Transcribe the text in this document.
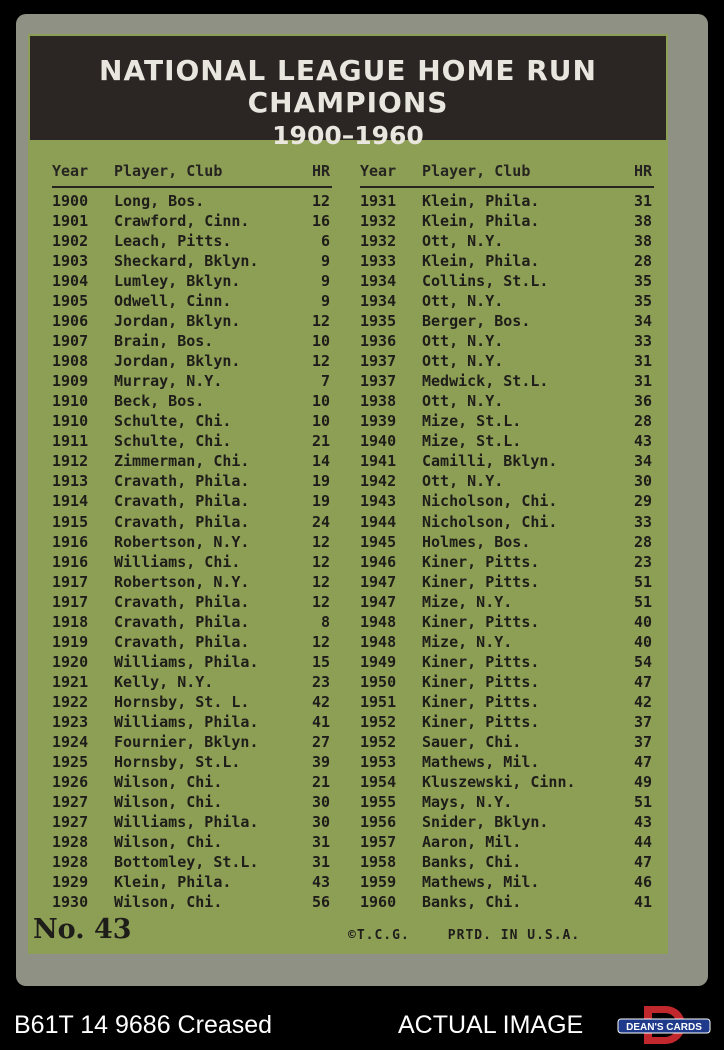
NATIONAL LEAGUE HOME RUN CHAMPIONS
1900–1960
Year Player, Club	HR
1900 Long, Bos.	12
1901 Crawford, Cinn.	16
1902 Leach, Pitts.	6
1903 Sheckard, Bklyn.	9
1904 Lumley, Bklyn.	9
1905 Odwell, Cinn.	9
1906 Jordan, Bklyn.	12
1907 Brain, Bos.	10
1908 Jordan, Bklyn.	12
1909 Murray, N.Y.	7
1910 Beck, Bos.	10
1910 Schulte, Chi.	10
1911 Schulte, Chi.	21
1912 Zimmerman, Chi.	14
1913 Cravath, Phila.	19
1914 Cravath, Phila.	19
1915 Cravath, Phila.	24
1916 Robertson, N.Y.	12
1916 Williams, Chi.	12
1917 Robertson, N.Y.	12
1917 Cravath, Phila.	12
1918 Cravath, Phila.	8
1919 Cravath, Phila.	12
1920 Williams, Phila.	15
1921 Kelly, N.Y.	23
1922 Hornsby, St. L.	42
1923 Williams, Phila.	41
1924 Fournier, Bklyn.	27
1925 Hornsby, St.L.	39
1926 Wilson, Chi.	21
1927 Wilson, Chi.	30
1927 Williams, Phila.	30
1928 Wilson, Chi.	31
1928 Bottomley, St.L.	31
1929 Klein, Phila.	43
1930 Wilson, Chi.	56
Year Player, Club	HR
1931 Klein, Phila.	31
1932 Klein, Phila.	38
1932 Ott, N.Y.	38
1933 Klein, Phila.	28
1934 Collins, St.L.	35
1934 Ott, N.Y.	35
1935 Berger, Bos.	34
1936 Ott, N.Y.	33
1937 Ott, N.Y.	31
1937 Medwick, St.L.	31
1938 Ott, N.Y.	36
1939 Mize, St.L.	28
1940 Mize, St.L.	43
1941 Camilli, Bklyn.	34
1942 Ott, N.Y.	30
1943 Nicholson, Chi.	29
1944 Nicholson, Chi.	33
1945 Holmes, Bos.	28
1946 Kiner, Pitts.	23
1947 Kiner, Pitts.	51
1947 Mize, N.Y.	51
1948 Kiner, Pitts.	40
1948 Mize, N.Y.	40
1949 Kiner, Pitts.	54
1950 Kiner, Pitts.	47
1951 Kiner, Pitts.	42
1952 Kiner, Pitts.	37
1952 Sauer, Chi.	37
1953 Mathews, Mil.	47
1954 Kluszewski, Cinn.	49
1955 Mays, N.Y.	51
1956 Snider, Bklyn.	43
1957 Aaron, Mil.	44
1958 Banks, Chi.	47
1959 Mathews, Mil.	46
1960 Banks, Chi.	41
No. 43	©T.C.G.	PRTD. IN U.S.A.
B61T 14 9686 Creased	ACTUAL IMAGE	DEAN'S CARDS
